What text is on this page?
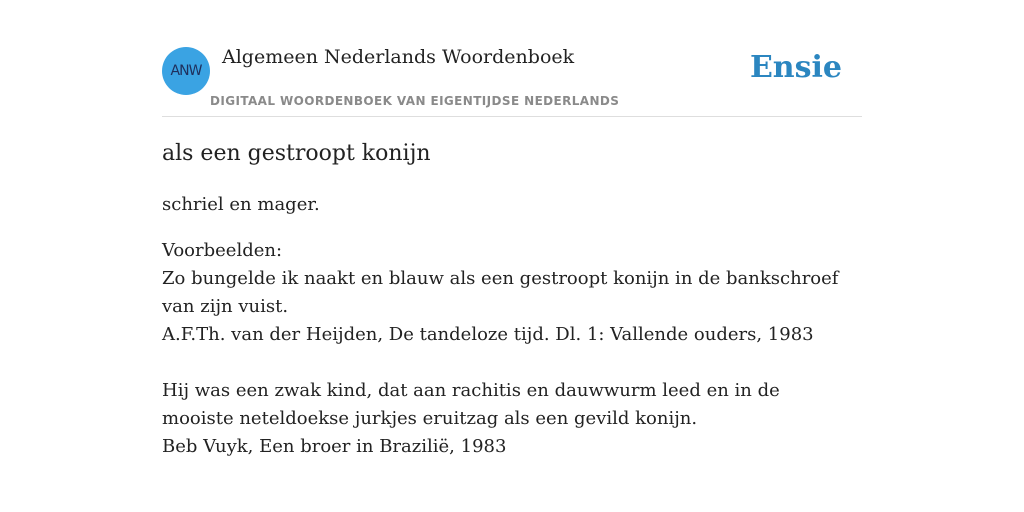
ANW
Algemeen Nederlands Woordenboek
DIGITAAL WOORDENBOEK VAN EIGENTIJDSE NEDERLANDS
Ensie
als een gestroopt konijn

schriel en mager.

Voorbeelden:
Zo bungelde ik naakt en blauw als een gestroopt konijn in de bankschroef van zijn vuist.
A.F.Th. van der Heijden, De tandeloze tijd. Dl. 1: Vallende ouders, 1983
Hij was een zwak kind, dat aan rachitis en dauwwurm leed en in de mooiste neteldoekse jurkjes eruitzag als een gevild konijn.
Beb Vuyk, Een broer in Brazilië, 1983
